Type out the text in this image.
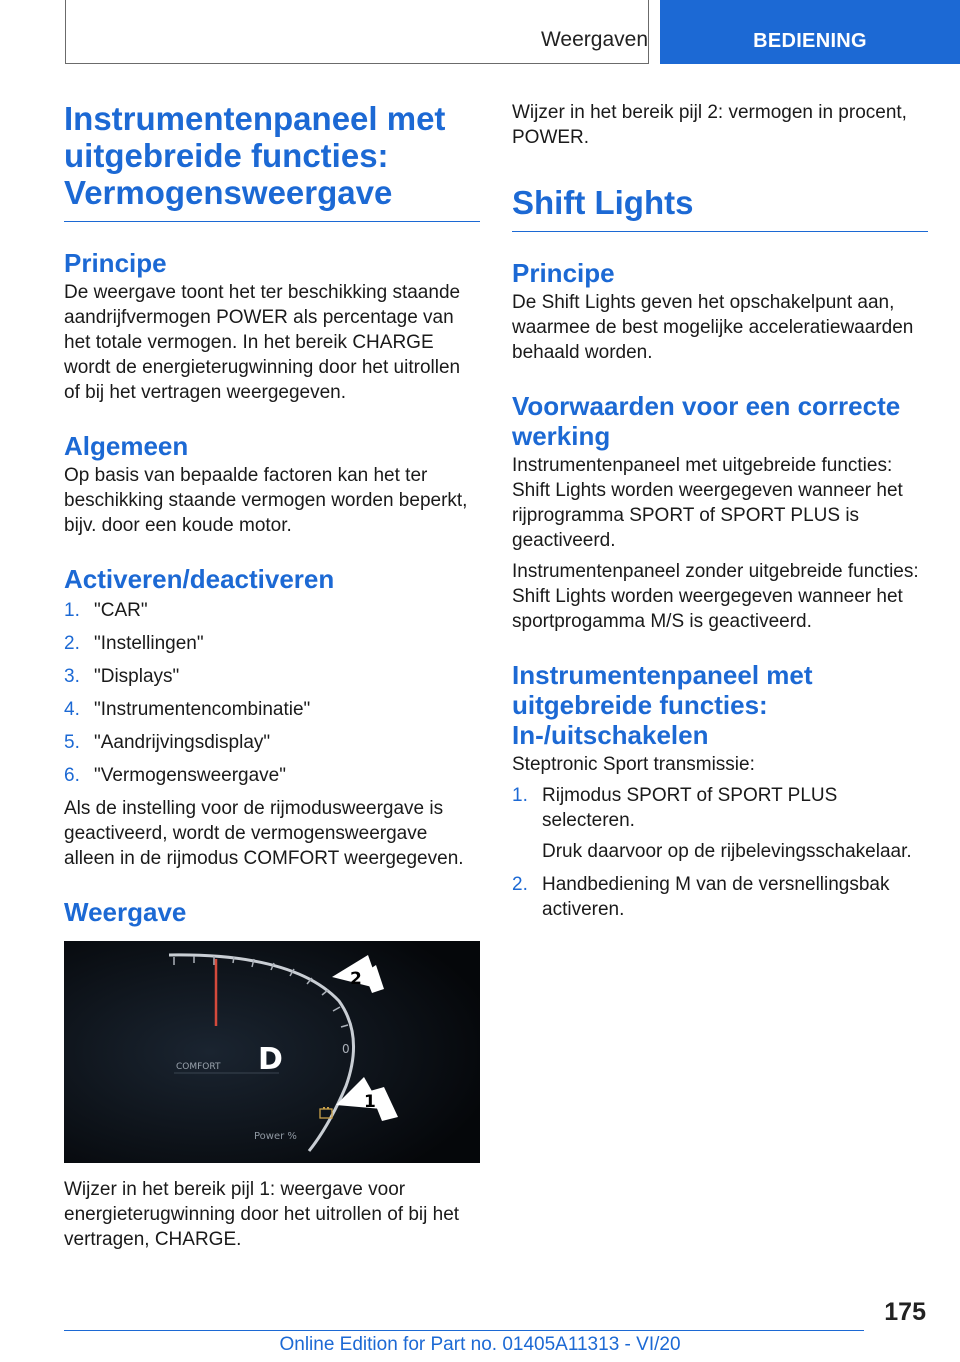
Weergaven	BEDIENING
Instrumentenpaneel met uitgebreide functies: Vermogensweergave
Principe

De weergave toont het ter beschikking staande aandrijfvermogen POWER als percentage van het totale vermogen. In het bereik CHARGE wordt de energieterugwinning door het uitrollen of bij het vertragen weergegeven.

Algemeen

Op basis van bepaalde factoren kan het ter beschikking staande vermogen worden beperkt, bijv. door een koude motor.

Activeren/deactiveren
1. "CAR"
2. "Instellingen"
3. "Displays"
4. "Instrumentencombinatie"
5. "Aandrijvingsdisplay"
6. "Vermogensweergave"

Als de instelling voor de rijmodusweergave is geactiveerd, wordt de vermogensweergave alleen in de rijmodus COMFORT weergegeven.

Weergave
COMFORT D	0
Power %
2
1

Wijzer in het bereik pijl 1: weergave voor energieterugwinning door het uitrollen of bij het vertragen, CHARGE.

Wijzer in het bereik pijl 2: vermogen in procent, POWER.

Shift Lights
Principe

De Shift Lights geven het opschakelpunt aan, waarmee de best mogelijke acceleratiewaarden behaald worden.

Voorwaarden voor een correcte werking

Instrumentenpaneel met uitgebreide functies: Shift Lights worden weergegeven wanneer het rijprogramma SPORT of SPORT PLUS is geactiveerd.

Instrumentenpaneel zonder uitgebreide functies: Shift Lights worden weergegeven wanneer het sportprogamma M/S is geactiveerd.

Instrumentenpaneel met uitgebreide functies: In-/uitschakelen

Steptronic Sport transmissie:

1. Rijmodus SPORT of SPORT PLUS selecteren.
Druk daarvoor op de rijbelevingsschakelaar.
2. Handbediening M van de versnellingsbak activeren.
175
Online Edition for Part no. 01405A11313 - VI/20
